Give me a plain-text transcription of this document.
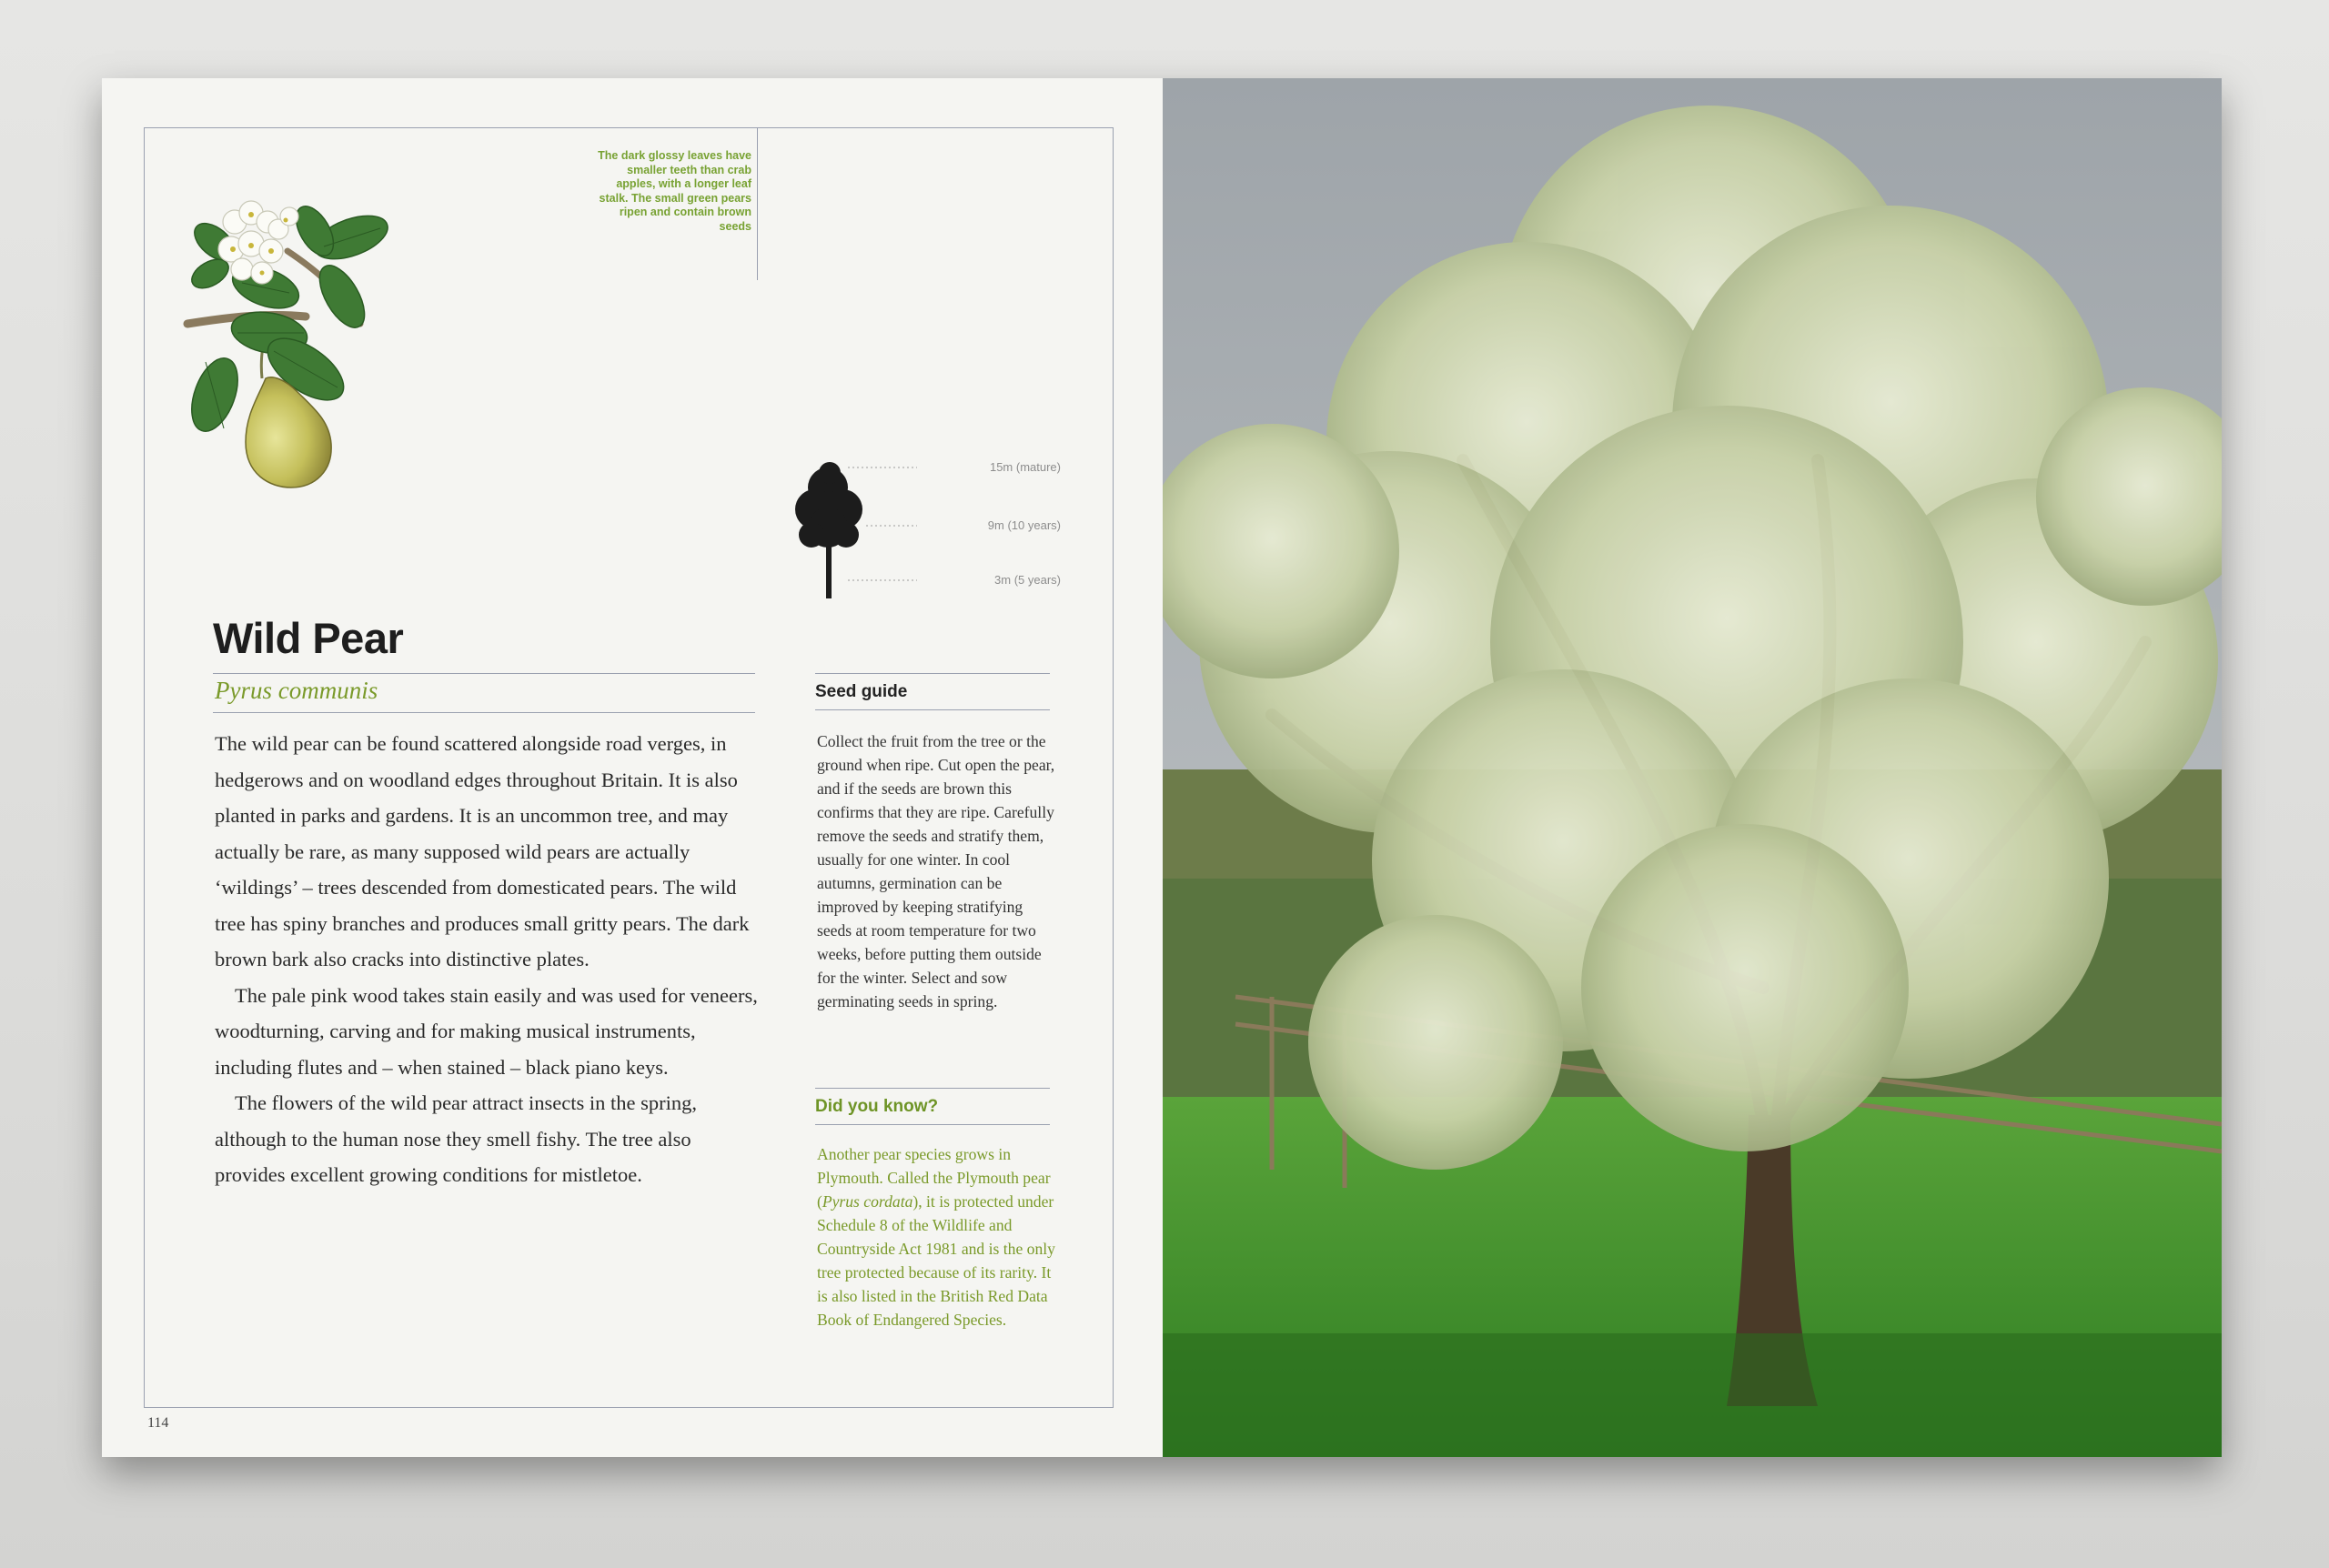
The dark glossy leaves have smaller teeth than crab apples, with a longer leaf stalk. The small green pears ripen and contain brown seeds
15m (mature)
9m (10 years)
3m (5 years)
Wild Pear
Pyrus communis

The wild pear can be found scattered alongside road verges, in hedgerows and on woodland edges throughout Britain. It is also planted in parks and gardens. It is an uncommon tree, and may actually be rare, as many supposed wild pears are actually ‘wildings’ – trees descended from domesticated pears. The wild tree has spiny branches and produces small gritty pears. The dark brown bark also cracks into distinctive plates.

The pale pink wood takes stain easily and was used for veneers, woodturning, carving and for making musical instruments, including flutes and – when stained – black piano keys.

The flowers of the wild pear attract insects in the spring, although to the human nose they smell fishy. The tree also provides excellent growing conditions for mistletoe.

Seed guide
Collect the fruit from the tree or the ground when ripe. Cut open the pear, and if the seeds are brown this confirms that they are ripe. Carefully remove the seeds and stratify them, usually for one winter. In cool autumns, germination can be improved by keeping stratifying seeds at room temperature for two weeks, before putting them outside for the winter. Select and sow germinating seeds in spring.
Did you know?
Another pear species grows in Plymouth. Called the Plymouth pear (Pyrus cordata), it is protected under Schedule 8 of the Wildlife and Countryside Act 1981 and is the only tree protected because of its rarity. It is also listed in the British Red Data Book of Endangered Species.
114
